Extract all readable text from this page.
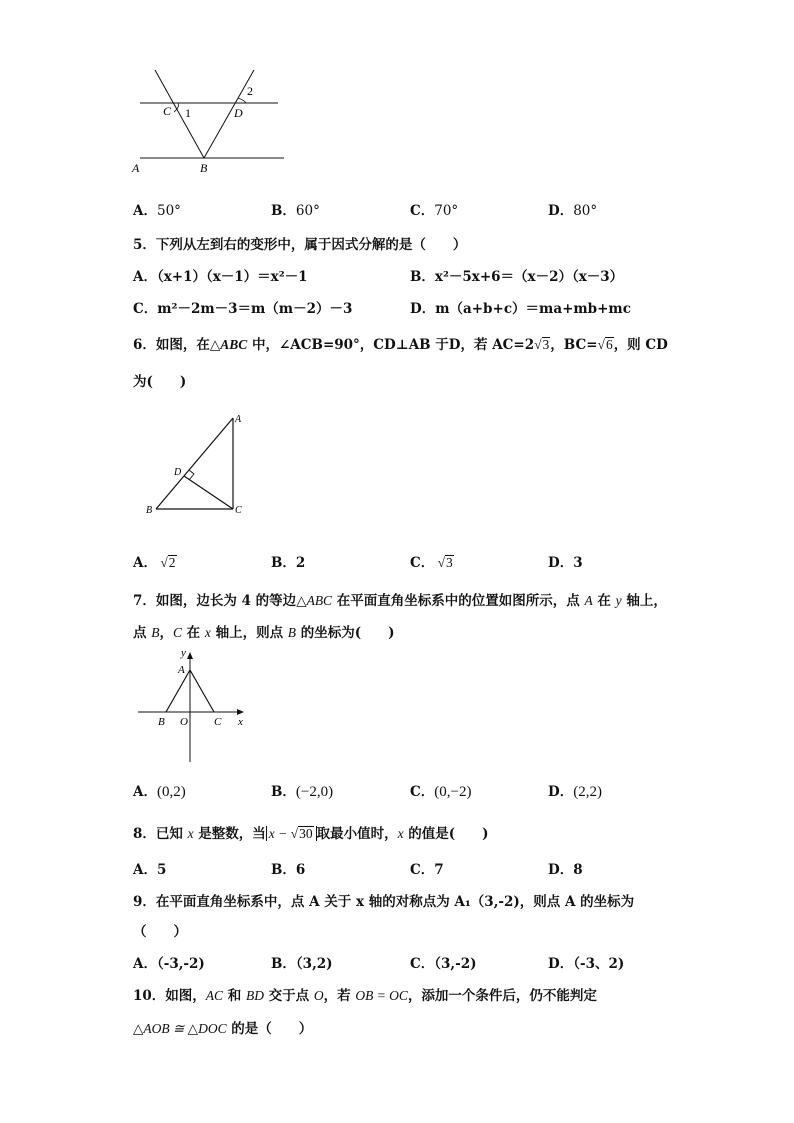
C 1	D
2
A	B
A．50°	B．60°	C．70°	D．80°
5．下列从左到右的变形中，属于因式分解的是（　　）
A．（x+1）（x－1）＝x²－1	B．x²－5x+6＝（x－2）（x－3）
C．m²－2m－3＝m（m－2）－3	D．m（a+b+c）＝ma+mb+mc
6．如图，在△ABC 中，∠ACB=90°，CD⊥AB 于D，若 AC=2√3，BC=√6，则 CD
为(　　)
A
B	C
D
A． √2	B．2	C． √3	D．3
7．如图，边长为 4 的等边△ABC 在平面直角坐标系中的位置如图所示，点 A 在 y 轴上，
点 B，C 在 x 轴上，则点 B 的坐标为(　　)
y
A
B O C x
A．(0,2)	B．(−2,0)	C．(0,−2)	D．(2,2)
8．已知 x 是整数，当 x − √30 取最小值时，x 的值是(　　)
A．5	B．6	C．7	D．8
9．在平面直角坐标系中，点 A 关于 x 轴的对称点为 A₁（3,-2)，则点 A 的坐标为
（　　）
A．（-3,-2)	B．（3,2)	C．（3,-2)	D．（-3、2)
10．如图，AC 和 BD 交于点 O，若 OB = OC，添加一个条件后，仍不能判定
△AOB ≅ △DOC 的是（　　）
